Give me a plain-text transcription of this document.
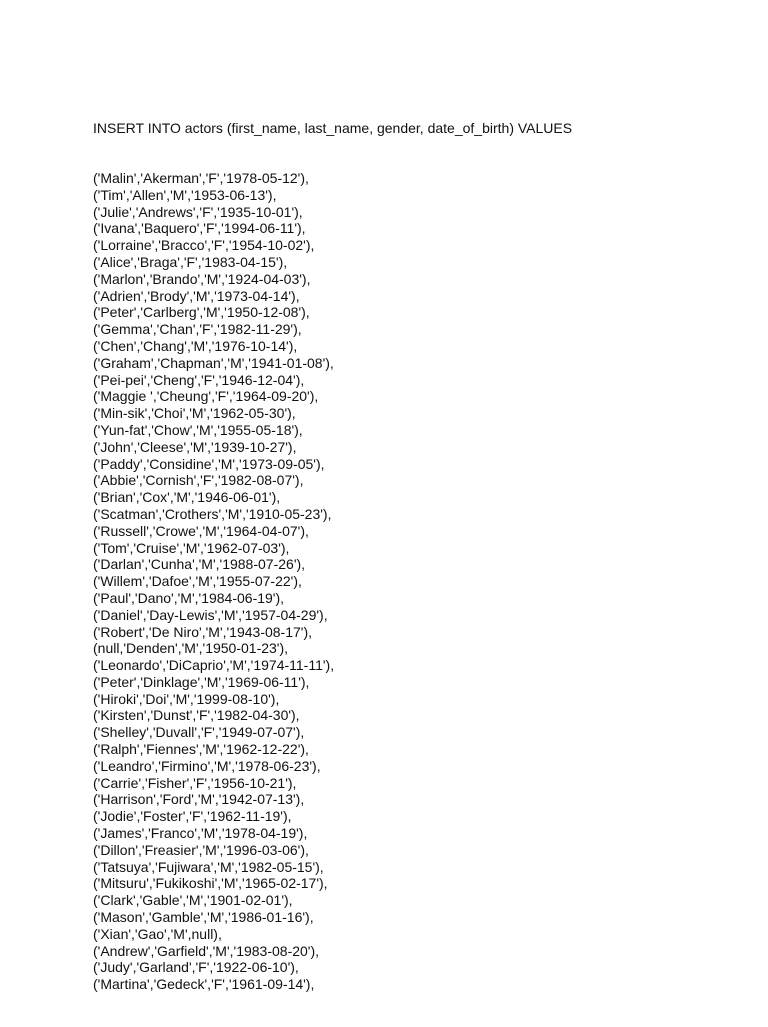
INSERT INTO actors (first_name, last_name, gender, date_of_birth) VALUES

('Malin','Akerman','F','1978-05-12'),
('Tim','Allen','M','1953-06-13'),
('Julie','Andrews','F','1935-10-01'),
('Ivana','Baquero','F','1994-06-11'),
('Lorraine','Bracco','F','1954-10-02'),
('Alice','Braga','F','1983-04-15'),
('Marlon','Brando','M','1924-04-03'),
('Adrien','Brody','M','1973-04-14'),
('Peter','Carlberg','M','1950-12-08'),
('Gemma','Chan','F','1982-11-29'),
('Chen','Chang','M','1976-10-14'),
('Graham','Chapman','M','1941-01-08'),
('Pei-pei','Cheng','F','1946-12-04'),
('Maggie ','Cheung','F','1964-09-20'),
('Min-sik','Choi','M','1962-05-30'),
('Yun-fat','Chow','M','1955-05-18'),
('John','Cleese','M','1939-10-27'),
('Paddy','Considine','M','1973-09-05'),
('Abbie','Cornish','F','1982-08-07'),
('Brian','Cox','M','1946-06-01'),
('Scatman','Crothers','M','1910-05-23'),
('Russell','Crowe','M','1964-04-07'),
('Tom','Cruise','M','1962-07-03'),
('Darlan','Cunha','M','1988-07-26'),
('Willem','Dafoe','M','1955-07-22'),
('Paul','Dano','M','1984-06-19'),
('Daniel','Day-Lewis','M','1957-04-29'),
('Robert','De Niro','M','1943-08-17'),
(null,'Denden','M','1950-01-23'),
('Leonardo','DiCaprio','M','1974-11-11'),
('Peter','Dinklage','M','1969-06-11'),
('Hiroki','Doi','M','1999-08-10'),
('Kirsten','Dunst','F','1982-04-30'),
('Shelley','Duvall','F','1949-07-07'),
('Ralph','Fiennes','M','1962-12-22'),
('Leandro','Firmino','M','1978-06-23'),
('Carrie','Fisher','F','1956-10-21'),
('Harrison','Ford','M','1942-07-13'),
('Jodie','Foster','F','1962-11-19'),
('James','Franco','M','1978-04-19'),
('Dillon','Freasier','M','1996-03-06'),
('Tatsuya','Fujiwara','M','1982-05-15'),
('Mitsuru','Fukikoshi','M','1965-02-17'),
('Clark','Gable','M','1901-02-01'),
('Mason','Gamble','M','1986-01-16'),
('Xian','Gao','M',null),
('Andrew','Garfield','M','1983-08-20'),
('Judy','Garland','F','1922-06-10'),
('Martina','Gedeck','F','1961-09-14'),
